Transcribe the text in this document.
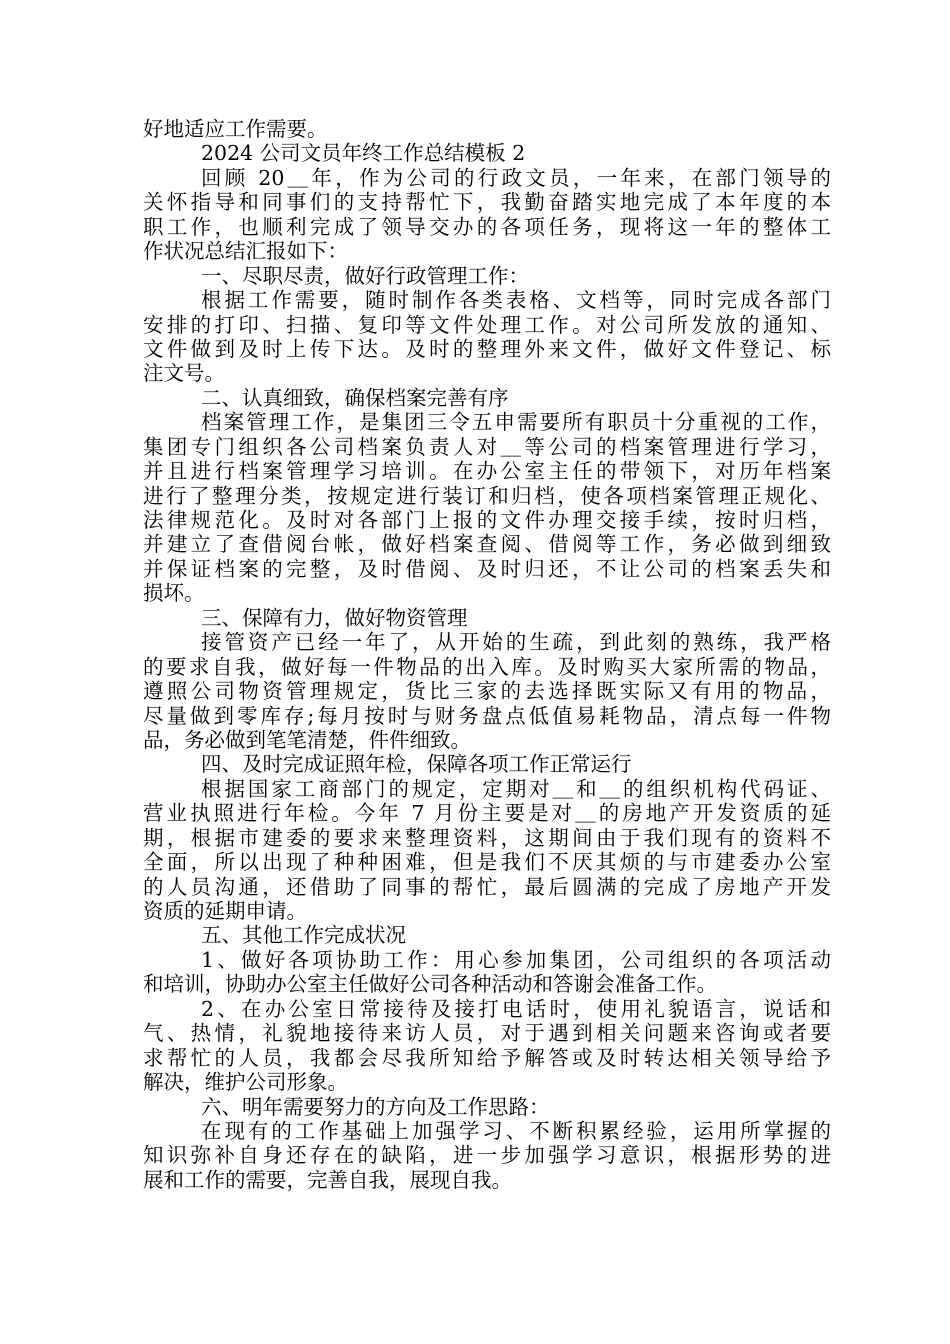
好地适应工作需要。
2024 公司文员年终工作总结模板 2
回顾 20＿年，作为公司的行政文员，一年来，在部门领导的
关怀指导和同事们的支持帮忙下，我勤奋踏实地完成了本年度的本
职工作，也顺利完成了领导交办的各项任务，现将这一年的整体工
作状况总结汇报如下：
一、尽职尽责，做好行政管理工作：
根据工作需要，随时制作各类表格、文档等，同时完成各部门
安排的打印、扫描、复印等文件处理工作。对公司所发放的通知、
文件做到及时上传下达。及时的整理外来文件，做好文件登记、标
注文号。
二、认真细致，确保档案完善有序
档案管理工作，是集团三令五申需要所有职员十分重视的工作，
集团专门组织各公司档案负责人对＿等公司的档案管理进行学习，
并且进行档案管理学习培训。在办公室主任的带领下，对历年档案
进行了整理分类，按规定进行装订和归档，使各项档案管理正规化、
法律规范化。及时对各部门上报的文件办理交接手续，按时归档，
并建立了查借阅台帐，做好档案查阅、借阅等工作，务必做到细致
并保证档案的完整，及时借阅、及时归还，不让公司的档案丢失和
损坏。
三、保障有力，做好物资管理
接管资产已经一年了，从开始的生疏，到此刻的熟练，我严格
的要求自我，做好每一件物品的出入库。及时购买大家所需的物品，
遵照公司物资管理规定，货比三家的去选择既实际又有用的物品，
尽量做到零库存;每月按时与财务盘点低值易耗物品，清点每一件物
品，务必做到笔笔清楚，件件细致。
四、及时完成证照年检，保障各项工作正常运行
根据国家工商部门的规定，定期对＿和＿的组织机构代码证、
营业执照进行年检。今年 7 月份主要是对＿的房地产开发资质的延
期，根据市建委的要求来整理资料，这期间由于我们现有的资料不
全面，所以出现了种种困难，但是我们不厌其烦的与市建委办公室
的人员沟通，还借助了同事的帮忙，最后圆满的完成了房地产开发
资质的延期申请。
五、其他工作完成状况
1、做好各项协助工作：用心参加集团，公司组织的各项活动
和培训，协助办公室主任做好公司各种活动和答谢会准备工作。
2、在办公室日常接待及接打电话时，使用礼貌语言，说话和
气、热情，礼貌地接待来访人员，对于遇到相关问题来咨询或者要
求帮忙的人员，我都会尽我所知给予解答或及时转达相关领导给予
解决，维护公司形象。
六、明年需要努力的方向及工作思路：
在现有的工作基础上加强学习、不断积累经验，运用所掌握的
知识弥补自身还存在的缺陷，进一步加强学习意识，根据形势的进
展和工作的需要，完善自我，展现自我。
